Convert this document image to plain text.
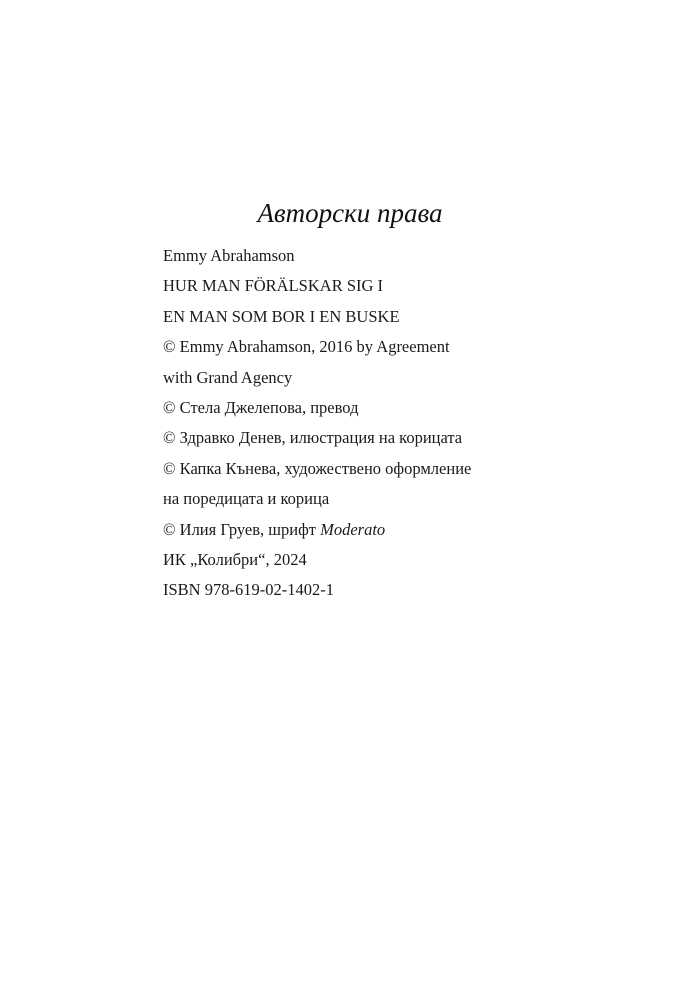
Авторски права
Emmy Abrahamson
HUR MAN FÖRÄLSKAR SIG I
EN MAN SOM BOR I EN BUSKE
© Emmy Abrahamson, 2016 by Agreement
with Grand Agency
© Стела Джелепова, превод
© Здравко Денев, илюстрация на корицата
© Капка Кънева, художествено оформление
на поредицата и корица
© Илия Груев, шрифт Moderato
ИК „Колибри“, 2024
ISBN 978-619-02-1402-1
